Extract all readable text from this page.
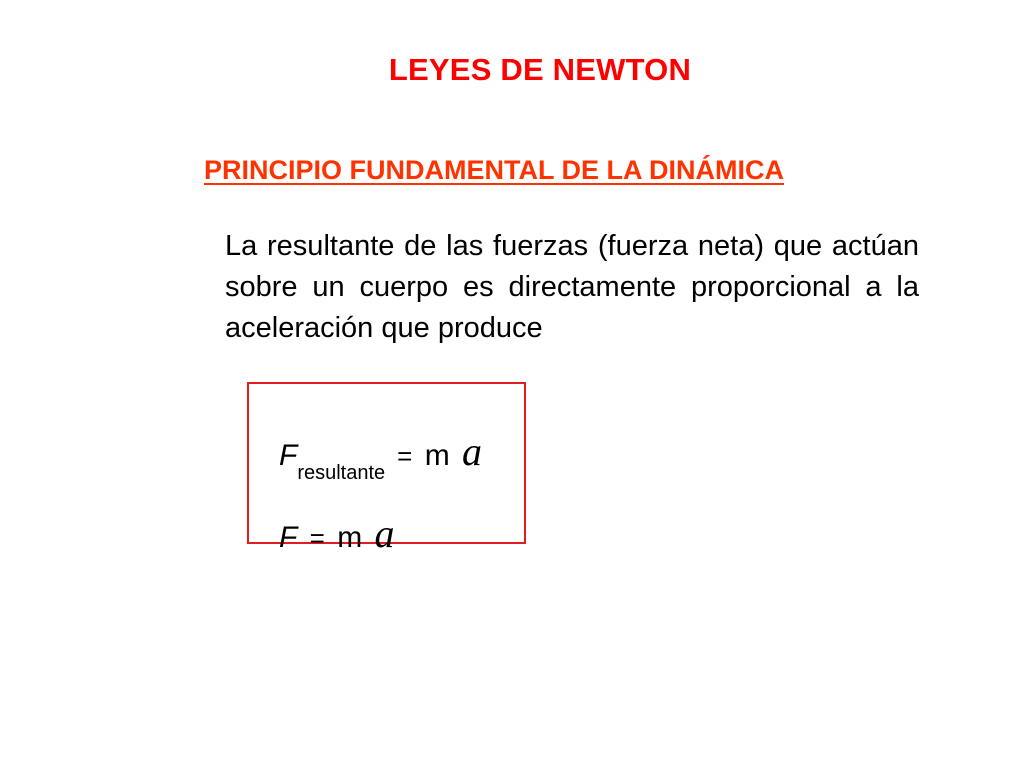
LEYES DE NEWTON
PRINCIPIO FUNDAMENTAL DE LA DINÁMICA
La resultante de las fuerzas (fuerza neta) que actúan sobre un cuerpo es directamente proporcional a la aceleración que produce
$F_{resultante}= m$ a
F = m a
